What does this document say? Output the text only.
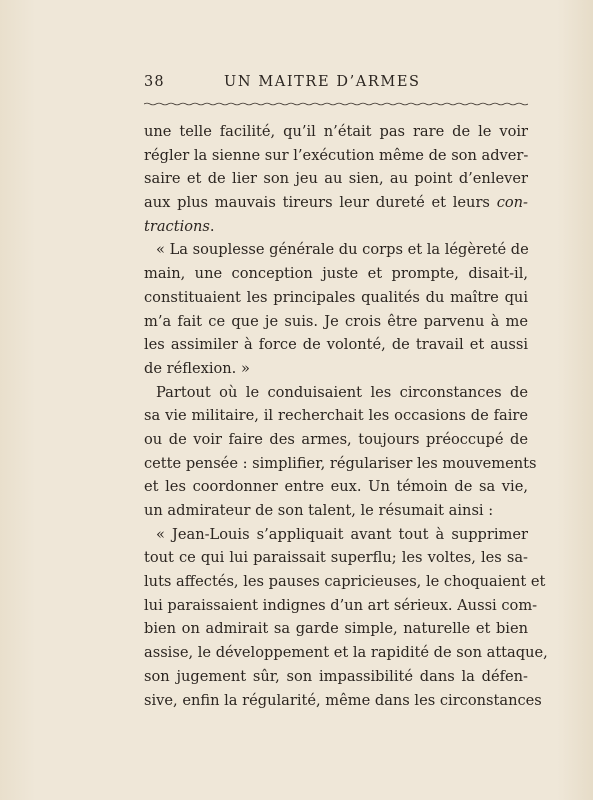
38	UN MAITRE D’ARMES
une telle facilité, qu’il n’était pas rare de le voir
régler la sienne sur l’exécution même de son adver-
saire et de lier son jeu au sien, au point d’enlever
aux plus mauvais tireurs leur dureté et leurs con-
tractions.
« La souplesse générale du corps et la légèreté de
main, une conception juste et prompte, disait-il,
constituaient les principales qualités du maître qui
m’a fait ce que je suis. Je crois être parvenu à me
les assimiler à force de volonté, de travail et aussi
de réflexion. »
Partout où le conduisaient les circonstances de
sa vie militaire, il recherchait les occasions de faire
ou de voir faire des armes, toujours préoccupé de
cette pensée : simplifier, régulariser les mouvements
et les coordonner entre eux. Un témoin de sa vie,
un admirateur de son talent, le résumait ainsi :
« Jean-Louis s’appliquait avant tout à supprimer
tout ce qui lui paraissait superflu; les voltes, les sa-
luts affectés, les pauses capricieuses, le choquaient et
lui paraissaient indignes d’un art sérieux. Aussi com-
bien on admirait sa garde simple, naturelle et bien
assise, le développement et la rapidité de son attaque,
son jugement sûr, son impassibilité dans la défen-
sive, enfin la régularité, même dans les circonstances
